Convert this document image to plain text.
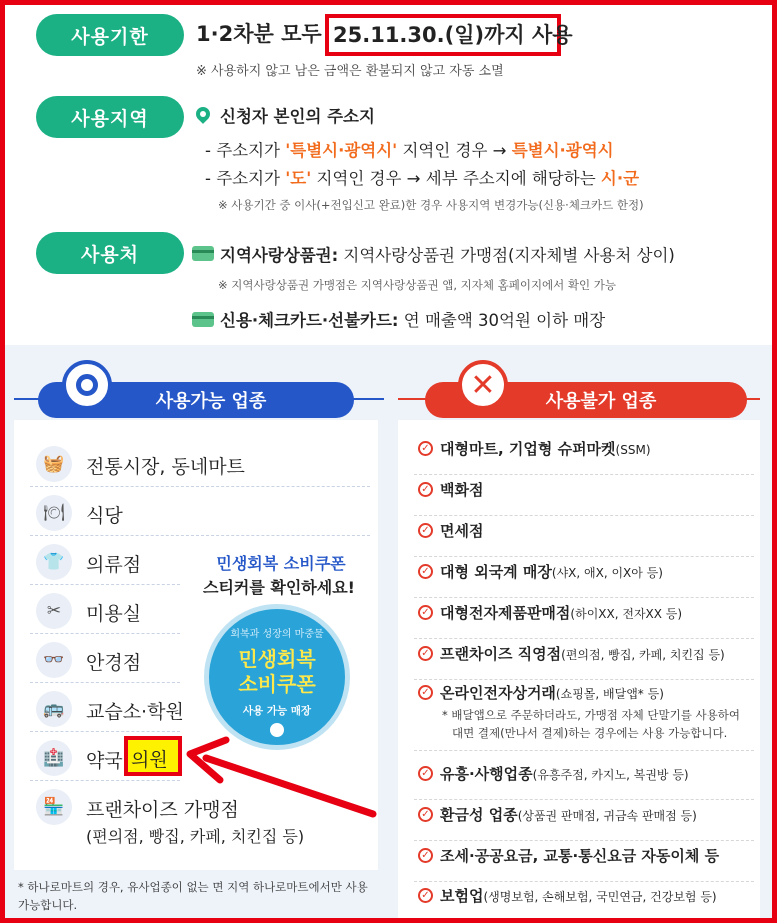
사용기한	1·2차분 모두 25.11.30.(일)까지 사용
※ 사용하지 않고 남은 금액은 환불되지 않고 자동 소멸
사용지역	신청자 본인의 주소지
- 주소지가 '특별시·광역시' 지역인 경우 → 특별시·광역시
- 주소지가 '도' 지역인 경우 → 세부 주소지에 해당하는 시·군
※ 사용기간 중 이사(+전입신고 완료)한 경우 사용지역 변경가능(신용·체크카드 한정)
사용처	지역사랑상품권: 지역사랑상품권 가맹점(지자체별 사용처 상이)
※ 지역사랑상품권 가맹점은 지역사랑상품권 앱, 지자체 홈페이지에서 확인 가능
신용·체크카드·선불카드: 연 매출액 30억원 이하 매장
사용가능 업종	사용불가 업종
✕
🧺	전통시장, 동네마트
🍽	식당
👕	의류점
✂	미용실
👓	안경점
🚌	교습소·학원
🏥	약국
🏪	프랜차이즈 가맹점
(편의점, 빵집, 카페, 치킨집 등)
의원
* 하나로마트의 경우, 유사업종이 없는 면 지역 하나로마트에서만 사용 가능합니다.
민생회복 소비쿠폰
스티커를 확인하세요!
회복과 성장의 마중물
민생회복
소비쿠폰
사용 가능 매장
✓ 대형마트, 기업형 슈퍼마켓(SSM)
✓ 백화점
✓ 면세점
✓ 대형 외국계 매장(샤X, 애X, 이X아 등)
✓ 대형전자제품판매점(하이XX, 전자XX 등)
✓ 프랜차이즈 직영점(편의점, 빵집, 카페, 치킨집 등)
✓ 온라인전자상거래(쇼핑몰, 배달앱* 등)
* 배달앱으로 주문하더라도, 가맹점 자체 단말기를 사용하여
대면 결제(만나서 결제)하는 경우에는 사용 가능합니다.
✓ 유흥·사행업종(유흥주점, 카지노, 복권방 등)
✓ 환금성 업종(상품권 판매점, 귀금속 판매점 등)
✓ 조세·공공요금, 교통·통신요금 자동이체 등
✓ 보험업(생명보험, 손해보험, 국민연금, 건강보험 등)
